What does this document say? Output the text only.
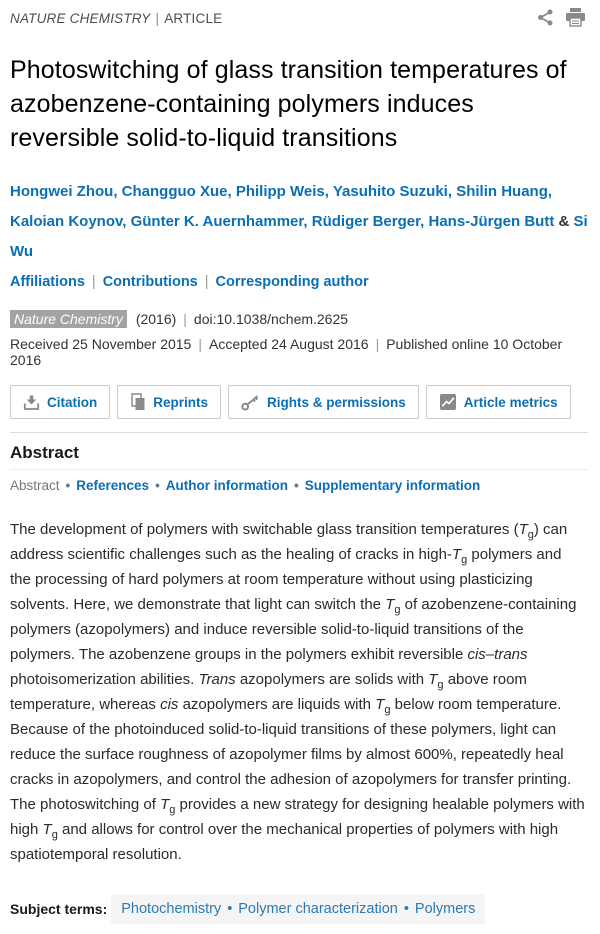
NATURE CHEMISTRY | ARTICLE
Photoswitching of glass transition temperatures of azobenzene-containing polymers induces reversible solid-to-liquid transitions

Hongwei Zhou, Changguo Xue, Philipp Weis, Yasuhito Suzuki, Shilin Huang, Kaloian Koynov, Günter K. Auernhammer, Rüdiger Berger, Hans-Jürgen Butt & Si Wu

Affiliations | Contributions | Corresponding author
Nature Chemistry (2016) | doi:10.1038/nchem.2625
Received 25 November 2015 | Accepted 24 August 2016 | Published online 10 October 2016
Citation	Reprints	Rights & permissions	Article metrics
Abstract
Abstract • References • Author information • Supplementary information

The development of polymers with switchable glass transition temperatures $(T_g)$ can address scientific challenges such as the healing of cracks in high-$T_g$ polymers and the processing of hard polymers at room temperature without using plasticizing solvents. Here, we demonstrate that light can switch the $T_g$ of azobenzene-containing polymers (azopolymers) and induce reversible solid-to-liquid transitions of the polymers. The azobenzene groups in the polymers exhibit reversible cis–trans photoisomerization abilities. Trans azopolymers are solids with $T_g$ above room temperature, whereas cis azopolymers are liquids with $T_g$ below room temperature. Because of the photoinduced solid-to-liquid transitions of these polymers, light can reduce the surface roughness of azopolymer films by almost 600%, repeatedly heal cracks in azopolymers, and control the adhesion of azopolymers for transfer printing. The photoswitching of $T_g$ provides a new strategy for designing healable polymers with high $T_g$ and allows for control over the mechanical properties of polymers with high spatiotemporal resolution.

Subject terms: Photochemistry • Polymer characterization • Polymers
